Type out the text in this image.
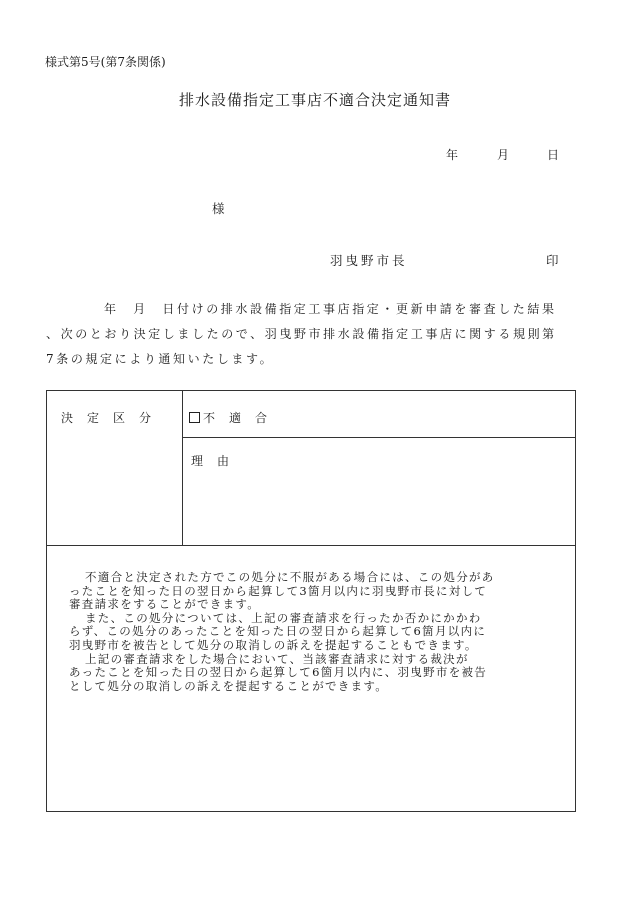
様式第5号(第7条関係)
排水設備指定工事店不適合決定通知書
年	月	日
様
羽曳野市長	印

年　月　日付けの排水設備指定工事店指定・更新申請を審査した結果

、次のとおり決定しましたので、羽曳野市排水設備指定工事店に関する規則第

7条の規定により通知いたします。

決定区分	不適合
理由

不適合と決定された方でこの処分に不服がある場合には、この処分があ

ったことを知った日の翌日から起算して3箇月以内に羽曳野市長に対して

審査請求をすることができます。

また、この処分については、上記の審査請求を行ったか否かにかかわ

らず、この処分のあったことを知った日の翌日から起算して6箇月以内に

羽曳野市を被告として処分の取消しの訴えを提起することもできます。

上記の審査請求をした場合において、当該審査請求に対する裁決が

あったことを知った日の翌日から起算して6箇月以内に、羽曳野市を被告

として処分の取消しの訴えを提起することができます。
